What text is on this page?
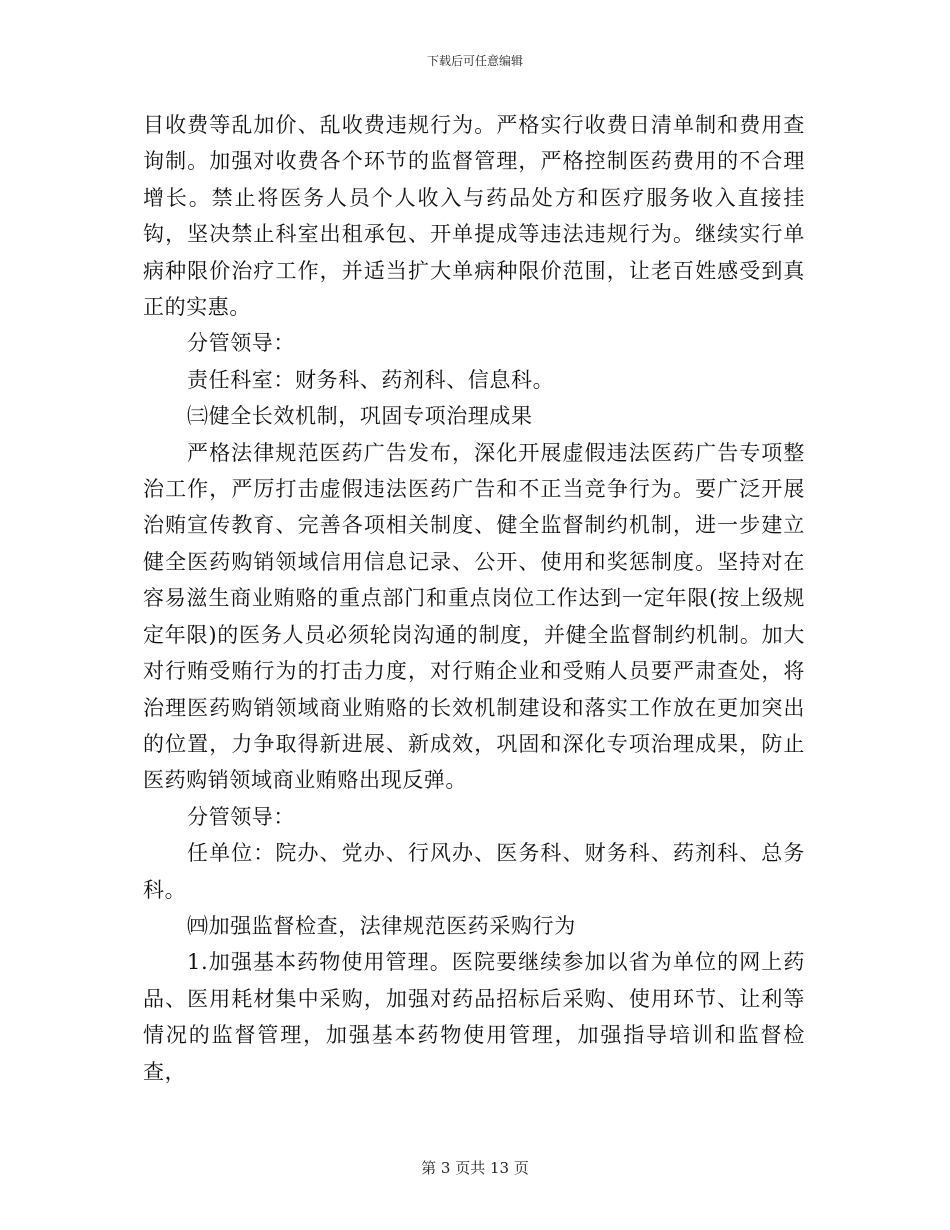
下载后可任意编辑

目收费等乱加价、乱收费违规行为。严格实行收费日清单制和费用查询制。加强对收费各个环节的监督管理，严格控制医药费用的不合理增长。禁止将医务人员个人收入与药品处方和医疗服务收入直接挂钩，坚决禁止科室出租承包、开单提成等违法违规行为。继续实行单病种限价治疗工作，并适当扩大单病种限价范围，让老百姓感受到真正的实惠。

分管领导：

责任科室：财务科、药剂科、信息科。

㈢健全长效机制，巩固专项治理成果

严格法律规范医药广告发布，深化开展虚假违法医药广告专项整治工作，严厉打击虚假违法医药广告和不正当竞争行为。要广泛开展治贿宣传教育、完善各项相关制度、健全监督制约机制，进一步建立健全医药购销领域信用信息记录、公开、使用和奖惩制度。坚持对在容易滋生商业贿赂的重点部门和重点岗位工作达到一定年限(按上级规定年限)的医务人员必须轮岗沟通的制度，并健全监督制约机制。加大对行贿受贿行为的打击力度，对行贿企业和受贿人员要严肃查处，将治理医药购销领域商业贿赂的长效机制建设和落实工作放在更加突出的位置，力争取得新进展、新成效，巩固和深化专项治理成果，防止医药购销领域商业贿赂出现反弹。

分管领导：

任单位：院办、党办、行风办、医务科、财务科、药剂科、总务科。

㈣加强监督检查，法律规范医药采购行为

1.加强基本药物使用管理。医院要继续参加以省为单位的网上药品、医用耗材集中采购，加强对药品招标后采购、使用环节、让利等情况的监督管理，加强基本药物使用管理，加强指导培训和监督检查，

第 3 页共 13 页
